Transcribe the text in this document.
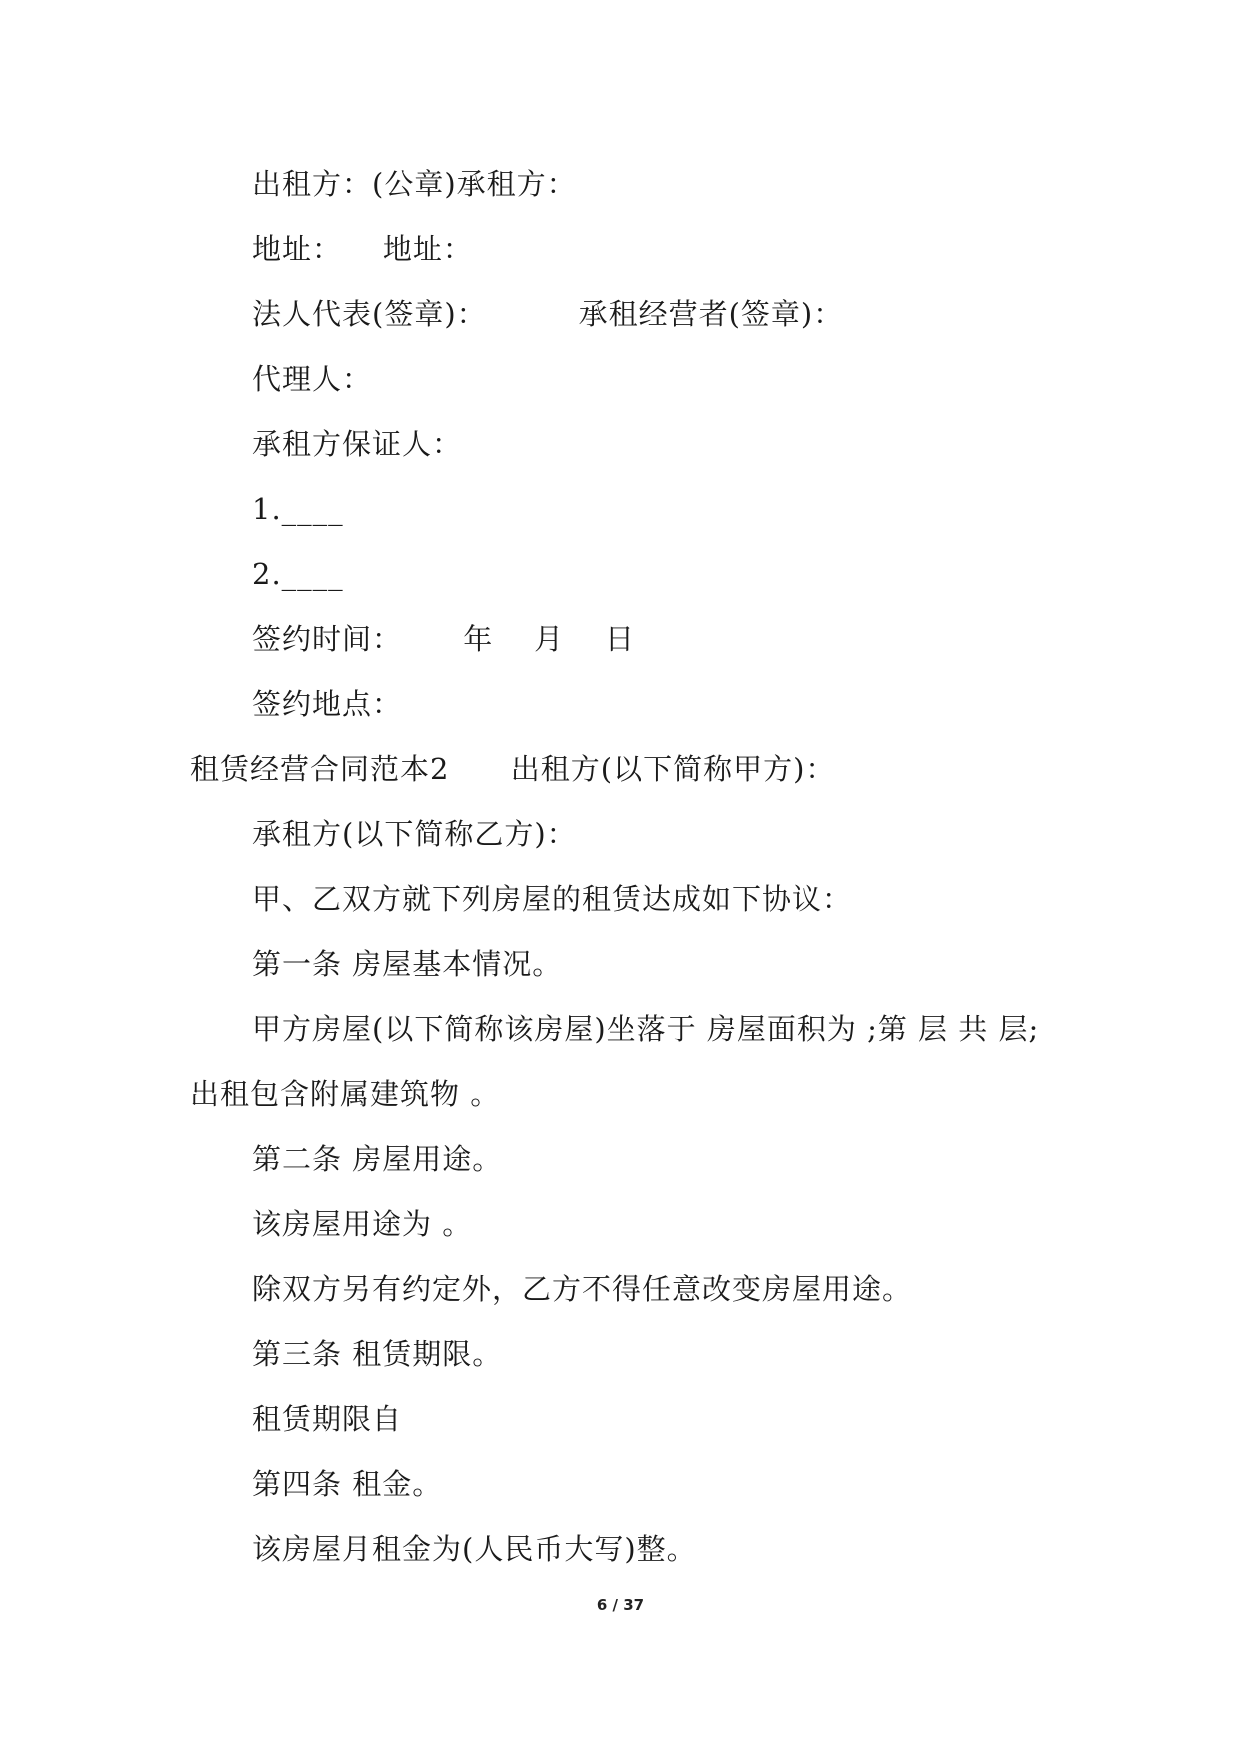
出租方：(公章)承租方：
地址：    地址：
法人代表(签章)：         承租经营者(签章)：
代理人：
承租方保证人：
1.____
2.____
签约时间：      年    月    日
签约地点：
租赁经营合同范本2      出租方(以下简称甲方)：
承租方(以下简称乙方)：
甲、乙双方就下列房屋的租赁达成如下协议：
第一条 房屋基本情况。
甲方房屋(以下简称该房屋)坐落于 房屋面积为 ;第 层 共 层;
出租包含附属建筑物 。
第二条 房屋用途。
该房屋用途为 。
除双方另有约定外，乙方不得任意改变房屋用途。
第三条 租赁期限。
租赁期限自
第四条 租金。
该房屋月租金为(人民币大写)整。
6 / 37
